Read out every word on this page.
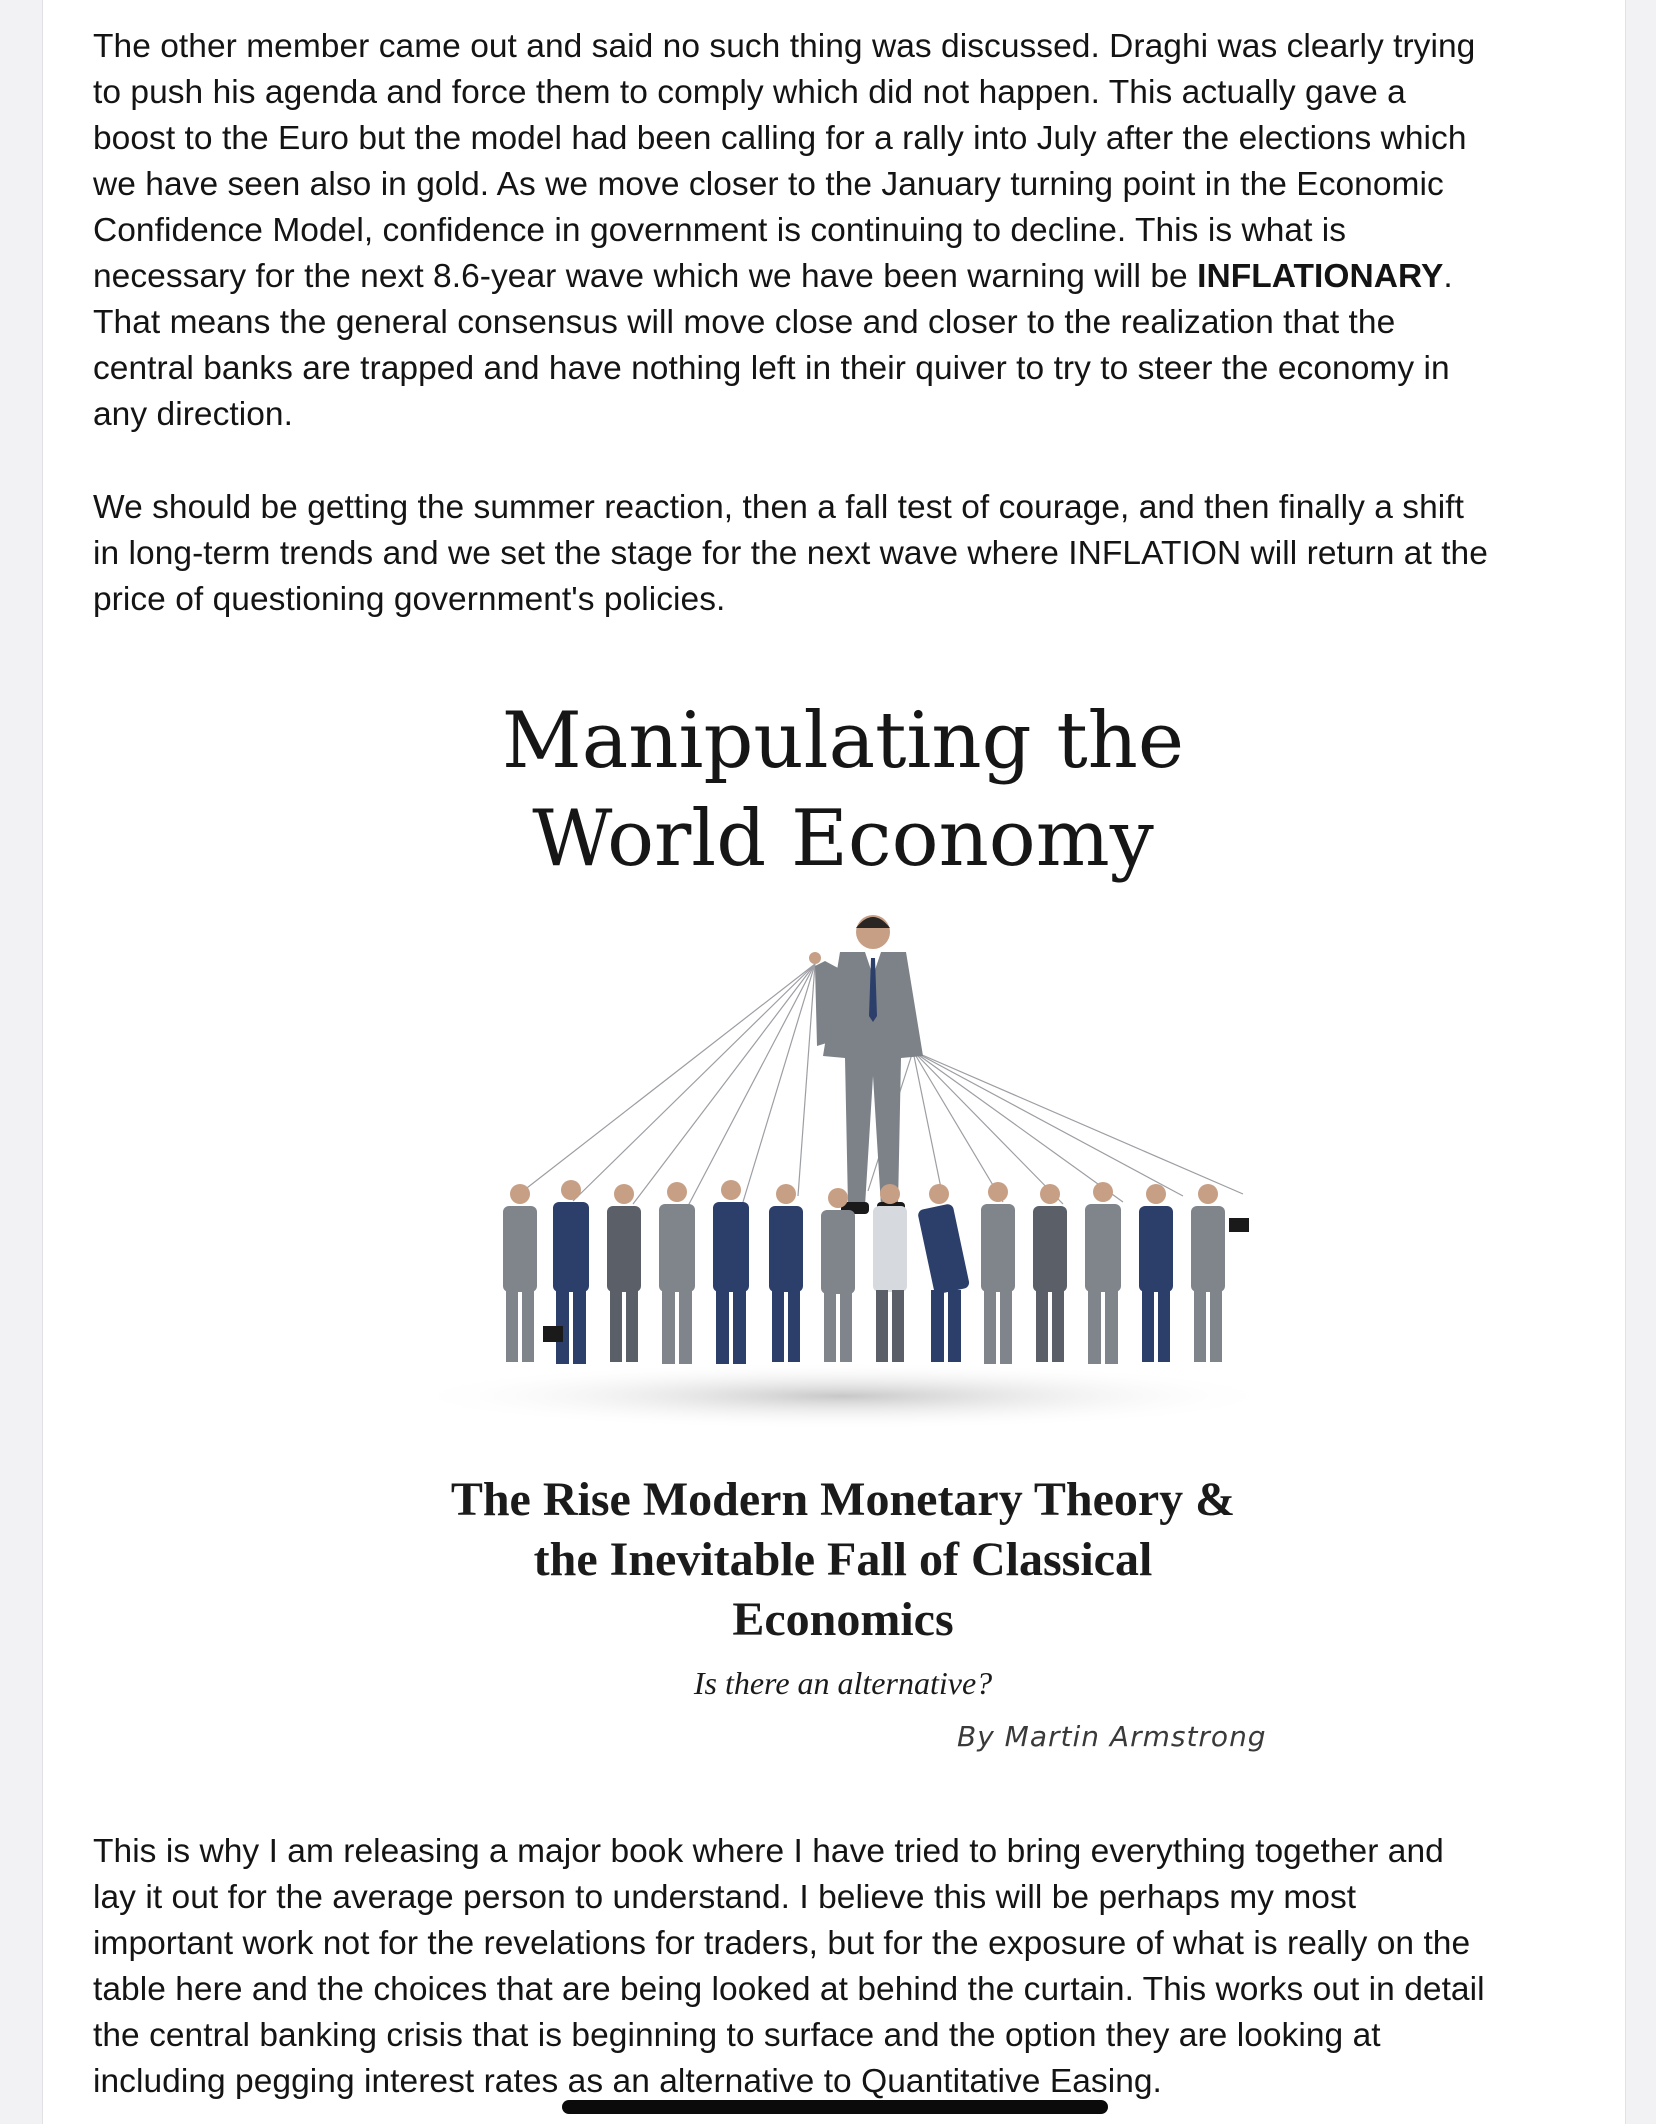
The other member came out and said no such thing was discussed. Draghi was clearly trying
to push his agenda and force them to comply which did not happen. This actually gave a
boost to the Euro but the model had been calling for a rally into July after the elections which
we have seen also in gold. As we move closer to the January turning point in the Economic
Confidence Model, confidence in government is continuing to decline. This is what is
necessary for the next 8.6-year wave which we have been warning will be INFLATIONARY.
That means the general consensus will move close and closer to the realization that the
central banks are trapped and have nothing left in their quiver to try to steer the economy in
any direction.

We should be getting the summer reaction, then a fall test of courage, and then finally a shift
in long-term trends and we set the stage for the next wave where INFLATION will return at the
price of questioning government's policies.

Manipulating the
World Economy
The Rise Modern Monetary Theory &
the Inevitable Fall of Classical
Economics
Is there an alternative?
By Martin Armstrong

This is why I am releasing a major book where I have tried to bring everything together and
lay it out for the average person to understand. I believe this will be perhaps my most
important work not for the revelations for traders, but for the exposure of what is really on the
table here and the choices that are being looked at behind the curtain. This works out in detail
the central banking crisis that is beginning to surface and the option they are looking at
including pegging interest rates as an alternative to Quantitative Easing.
